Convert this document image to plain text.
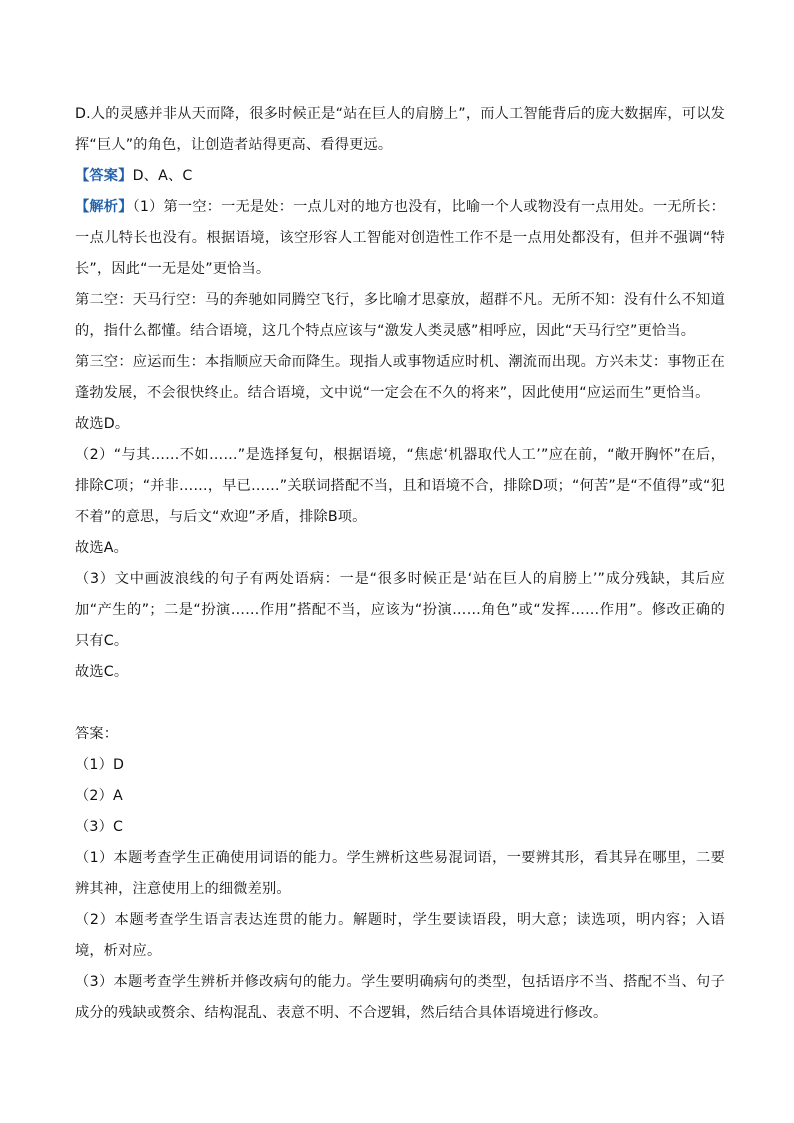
D.人的灵感并非从天而降，很多时候正是“站在巨人的肩膀上”，而人工智能背后的庞大数据库，可以发挥“巨人”的角色，让创造者站得更高、看得更远。

【答案】D、A、C

【解析】（1）第一空：一无是处：一点儿对的地方也没有，比喻一个人或物没有一点用处。一无所长：一点儿特长也没有。根据语境，该空形容人工智能对创造性工作不是一点用处都没有，但并不强调“特长”，因此“一无是处”更恰当。

第二空：天马行空：马的奔驰如同腾空飞行，多比喻才思豪放，超群不凡。无所不知：没有什么不知道的，指什么都懂。结合语境，这几个特点应该与“激发人类灵感”相呼应，因此“天马行空”更恰当。

第三空：应运而生：本指顺应天命而降生。现指人或事物适应时机、潮流而出现。方兴未艾：事物正在蓬勃发展，不会很快终止。结合语境，文中说“一定会在不久的将来”，因此使用“应运而生”更恰当。

故选D。

（2）“与其……不如……”是选择复句，根据语境，“焦虑‘机器取代人工’”应在前，“敞开胸怀”在后，排除C项；“并非……，早已……”关联词搭配不当，且和语境不合，排除D项；“何苦”是“不值得”或“犯不着”的意思，与后文“欢迎”矛盾，排除B项。

故选A。

（3）文中画波浪线的句子有两处语病：一是“很多时候正是‘站在巨人的肩膀上’”成分残缺，其后应加“产生的”；二是“扮演……作用”搭配不当，应该为“扮演……角色”或“发挥……作用”。修改正确的只有C。

故选C。

答案：

（1）D

（2）A

（3）C

（1）本题考查学生正确使用词语的能力。学生辨析这些易混词语，一要辨其形，看其异在哪里，二要辨其神，注意使用上的细微差别。

（2）本题考查学生语言表达连贯的能力。解题时，学生要读语段，明大意；读选项，明内容；入语境，析对应。

（3）本题考查学生辨析并修改病句的能力。学生要明确病句的类型，包括语序不当、搭配不当、句子成分的残缺或赘余、结构混乱、表意不明、不合逻辑，然后结合具体语境进行修改。
